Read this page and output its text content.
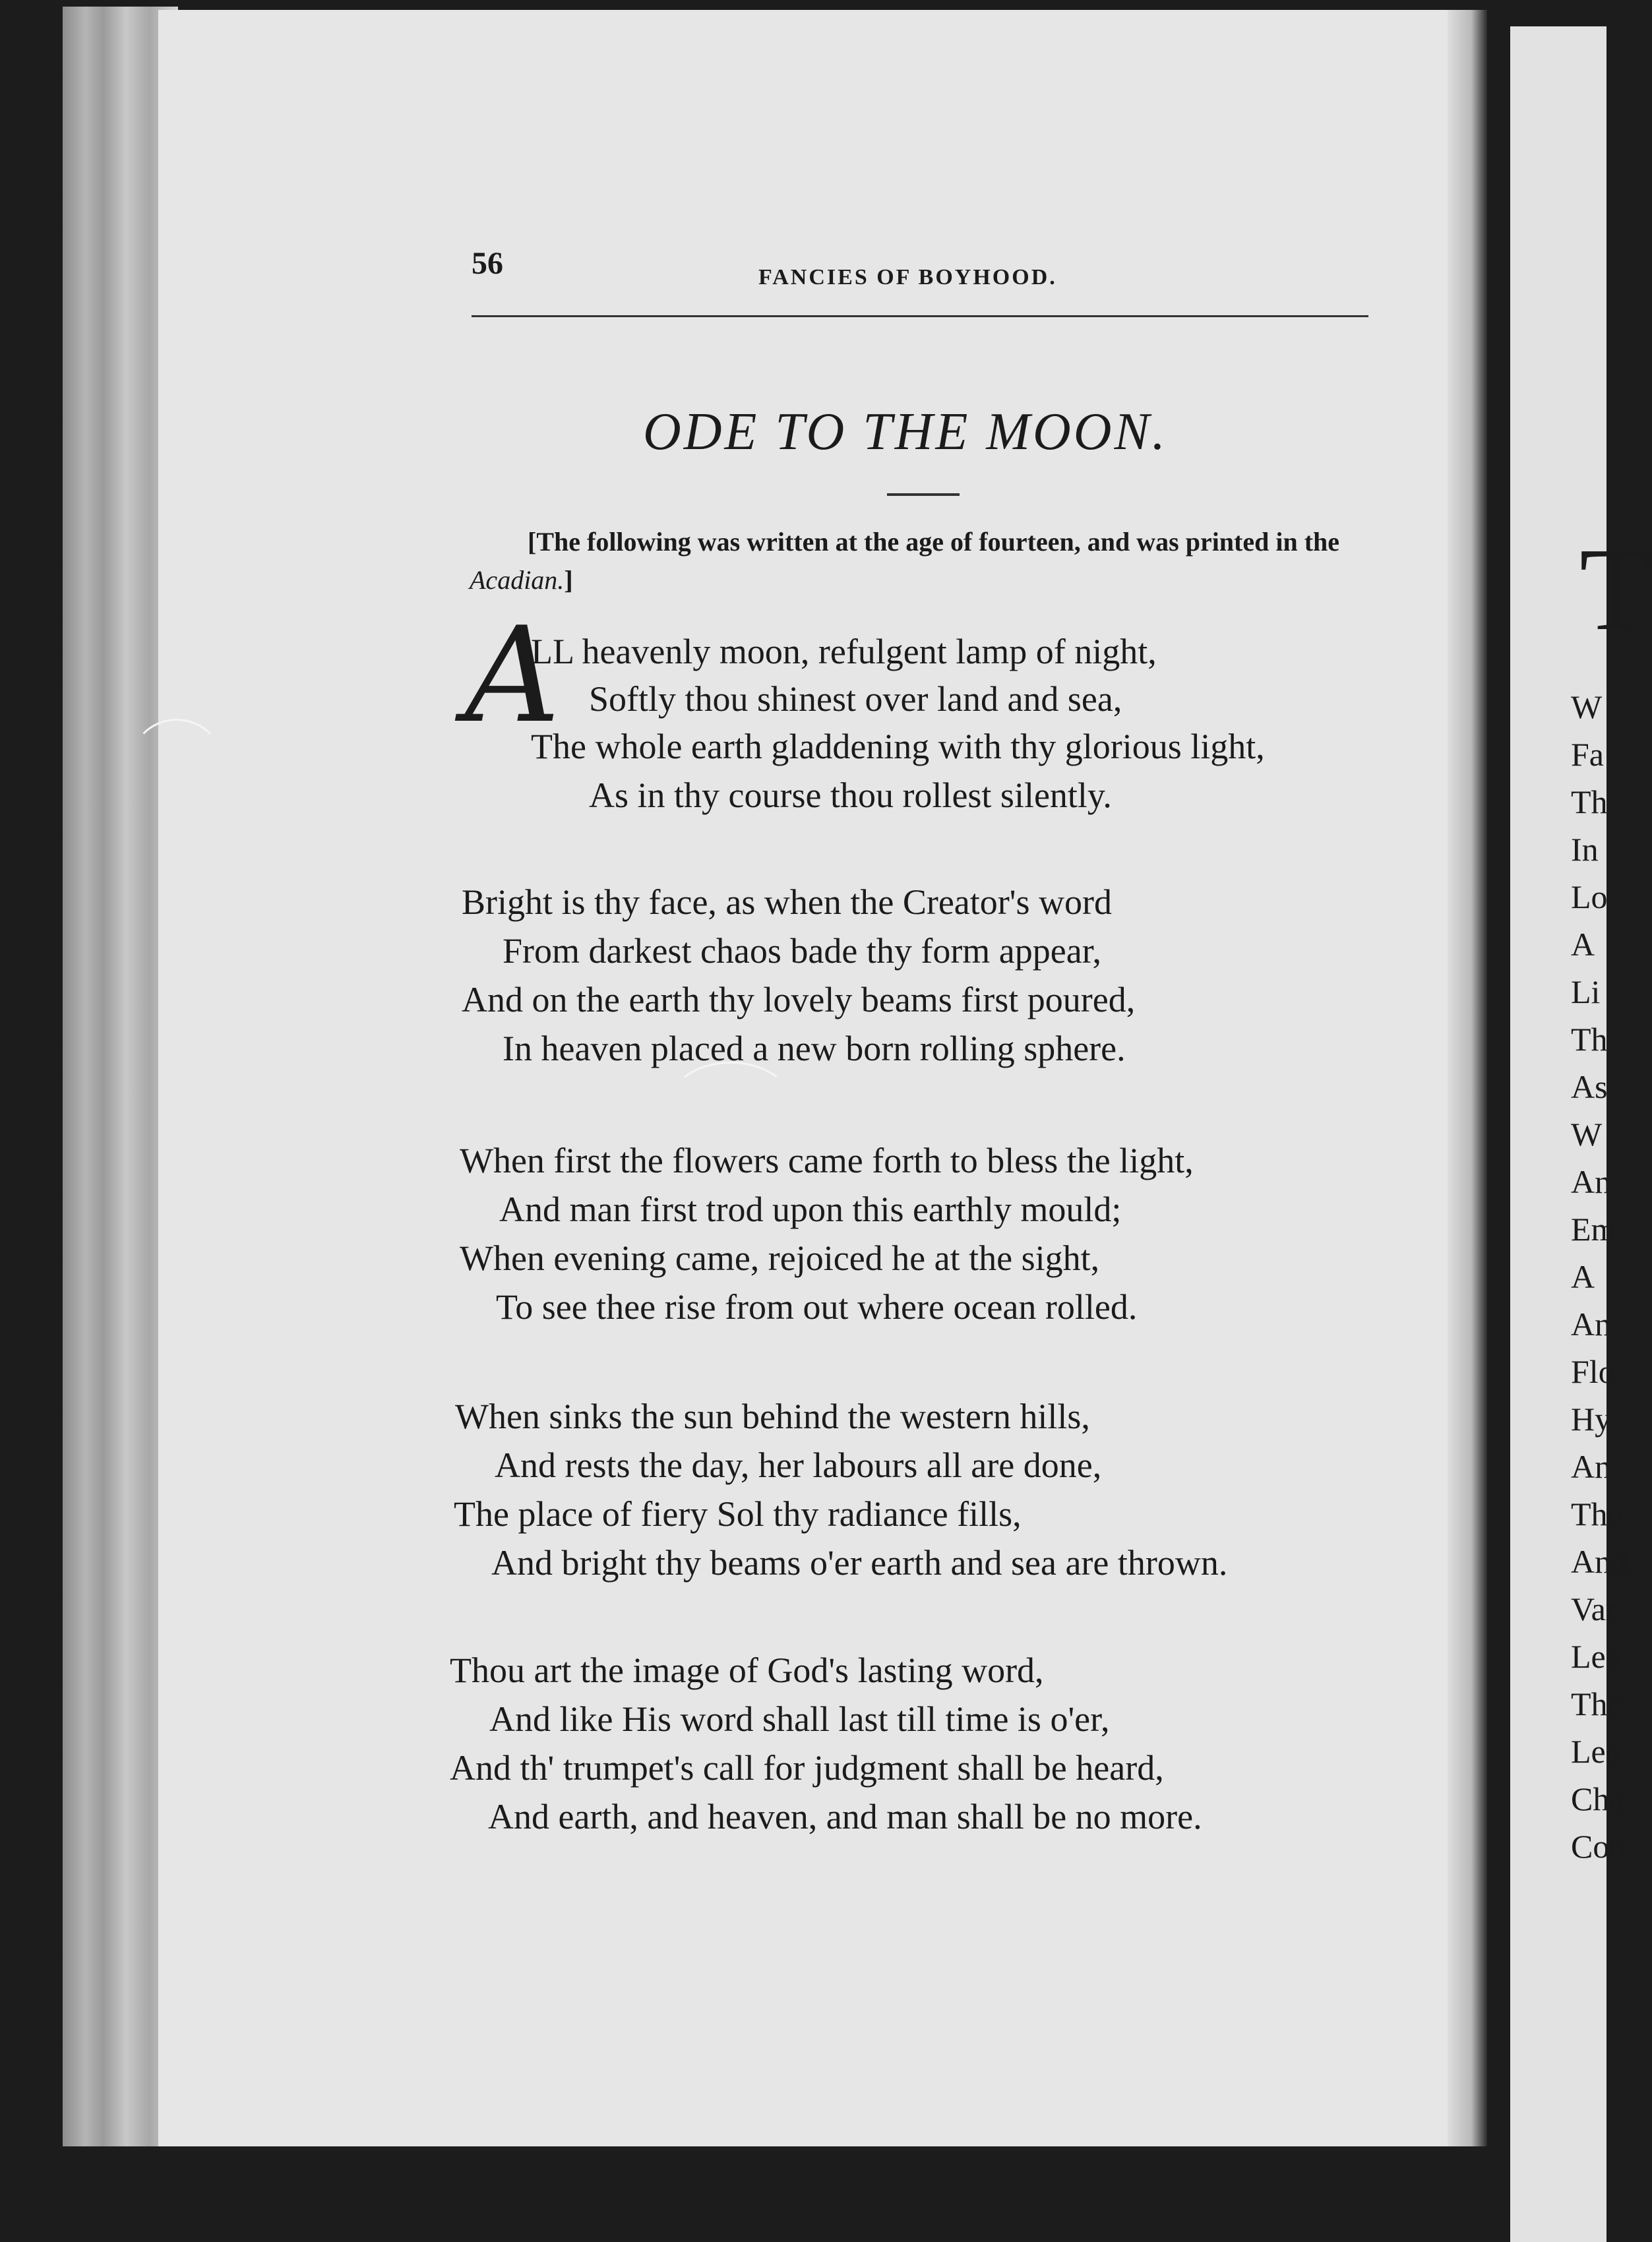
56	FANCIES OF BOYHOOD.
ODE TO THE MOON.
[The following was written at the age of fourteen, and was printed in the Acadian.]
A
LL heavenly moon, refulgent lamp of night,
Softly thou shinest over land and sea,
The whole earth gladdening with thy glorious light,
As in thy course thou rollest silently.
Bright is thy face, as when the Creator's word
From darkest chaos bade thy form appear,
And on the earth thy lovely beams first poured,
In heaven placed a new born rolling sphere.
When first the flowers came forth to bless the light,
And man first trod upon this earthly mould;
When evening came, rejoiced he at the sight,
To see thee rise from out where ocean rolled.
When sinks the sun behind the western hills,
And rests the day, her labours all are done,
The place of fiery Sol thy radiance fills,
And bright thy beams o'er earth and sea are thrown.
Thou art the image of God's lasting word,
And like His word shall last till time is o'er,
And th' trumpet's call for judgment shall be heard,
And earth, and heaven, and man shall be no more.
T
W
Fa
Th
In
Lo
A
Li
Th
As
W
An
Em
A
An
Flo
Hy
An
The
And
Var
Lea
The
Lea
Cha
Con
